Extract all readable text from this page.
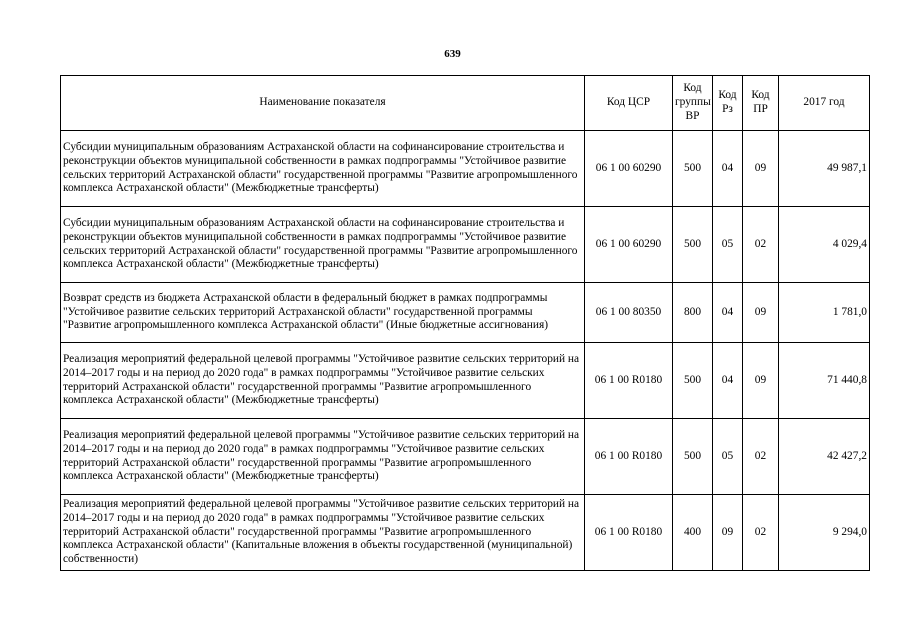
639
Наименование показателя	Код ЦСР	Код группы ВР	Код Рз	Код ПР	2017 год
Субсидии муниципальным образованиям Астраханской области на софинансирование строительства и реконструкции объектов муниципальной собственности в рамках подпрограммы "Устойчивое развитие сельских территорий Астраханской области" государственной программы "Развитие агропромышленного комплекса Астраханской области" (Межбюджетные трансферты)	06 1 00 60290	500	04	09	49 987,1
Субсидии муниципальным образованиям Астраханской области на софинансирование строительства и реконструкции объектов муниципальной собственности в рамках подпрограммы "Устойчивое развитие сельских территорий Астраханской области" государственной программы "Развитие агропромышленного комплекса Астраханской области" (Межбюджетные трансферты)	06 1 00 60290	500	05	02	4 029,4
Возврат средств из бюджета Астраханской области в федеральный бюджет в рамках подпрограммы "Устойчивое развитие сельских территорий Астраханской области" государственной программы "Развитие агропромышленного комплекса Астраханской области" (Иные бюджетные ассигнования)	06 1 00 80350	800	04	09	1 781,0
Реализация мероприятий федеральной целевой программы "Устойчивое развитие сельских территорий на 2014–2017 годы и на период до 2020 года" в рамках подпрограммы "Устойчивое развитие сельских территорий Астраханской области" государственной программы "Развитие агропромышленного комплекса Астраханской области" (Межбюджетные трансферты)	06 1 00 R0180	500	04	09	71 440,8
Реализация мероприятий федеральной целевой программы "Устойчивое развитие сельских территорий на 2014–2017 годы и на период до 2020 года" в рамках подпрограммы "Устойчивое развитие сельских территорий Астраханской области" государственной программы "Развитие агропромышленного комплекса Астраханской области" (Межбюджетные трансферты)	06 1 00 R0180	500	05	02	42 427,2
Реализация мероприятий федеральной целевой программы "Устойчивое развитие сельских территорий на 2014–2017 годы и на период до 2020 года" в рамках подпрограммы "Устойчивое развитие сельских территорий Астраханской области" государственной программы "Развитие агропромышленного комплекса Астраханской области" (Капитальные вложения в объекты государственной (муниципальной) собственности)	06 1 00 R0180	400	09	02	9 294,0
